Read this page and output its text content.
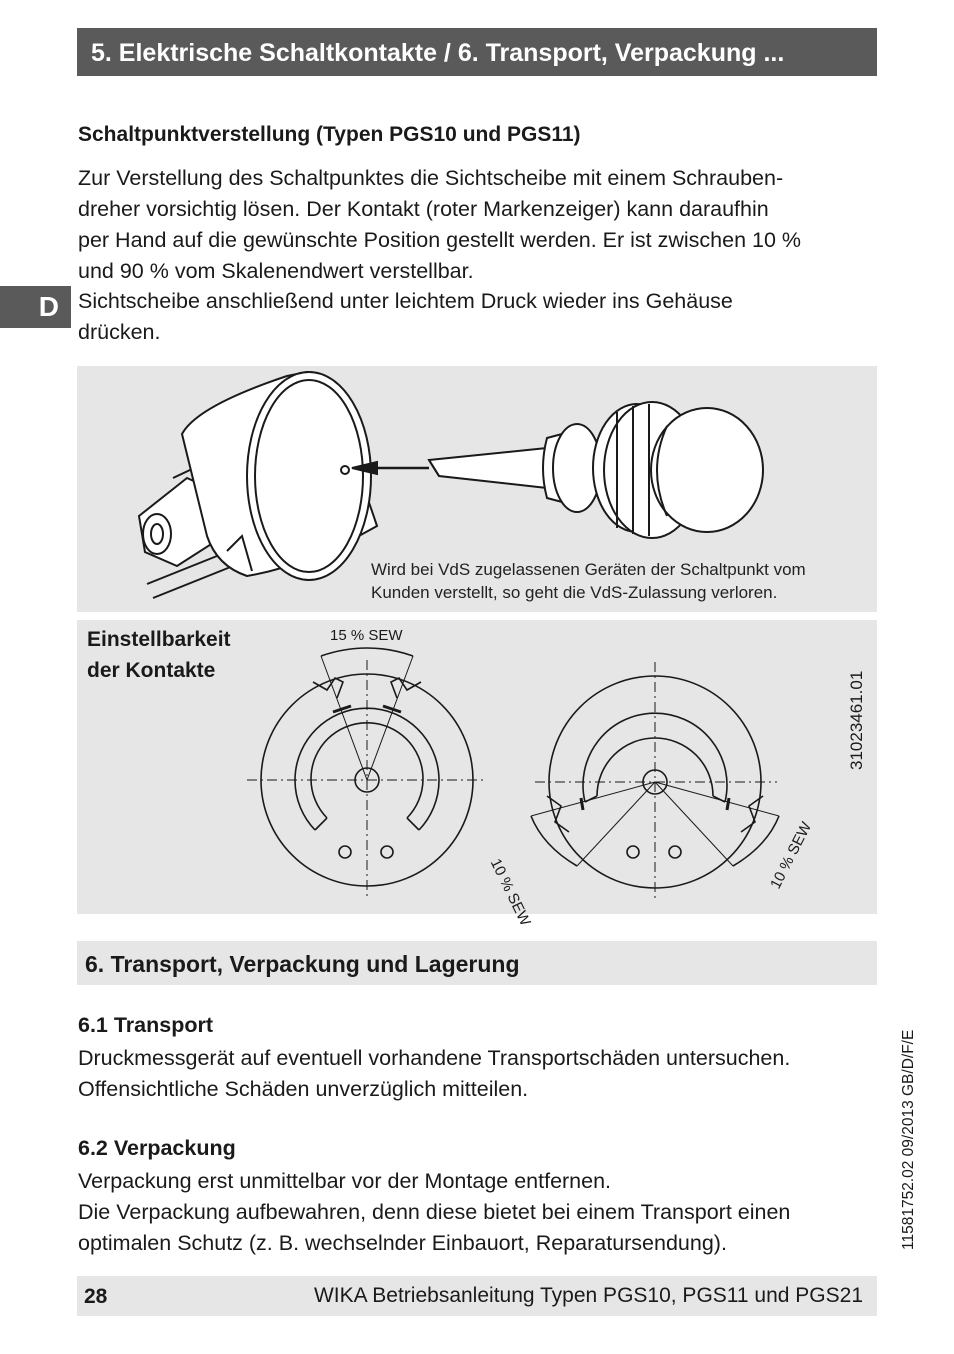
5. Elektrische Schaltkontakte / 6. Transport, Verpackung ...
D
Schaltpunktverstellung (Typen PGS10 und PGS11)
Zur Verstellung des Schaltpunktes die Sichtscheibe mit einem Schrauben-
dreher vorsichtig lösen. Der Kontakt (roter Markenzeiger) kann daraufhin
per Hand auf die gewünschte Position gestellt werden. Er ist zwischen 10 %
und 90 % vom Skalenendwert verstellbar.
Sichtscheibe anschließend unter leichtem Druck wieder ins Gehäuse
drücken.
Wird bei VdS zugelassenen Geräten der Schaltpunkt vom
Kunden verstellt, so geht die VdS-Zulassung verloren.
Einstellbarkeit
der Kontakte
15 % SEW
10 % SEW
10 % SEW
31023461.01
6. Transport, Verpackung und Lagerung
6.1 Transport
Druckmessgerät auf eventuell vorhandene Transportschäden untersuchen.
Offensichtliche Schäden unverzüglich mitteilen.
6.2 Verpackung
Verpackung erst unmittelbar vor der Montage entfernen.
Die Verpackung aufbewahren, denn diese bietet bei einem Transport einen
optimalen Schutz (z. B. wechselnder Einbauort, Reparatursendung).	11581752.02 09/2013 GB/D/F/E
28	WIKA Betriebsanleitung Typen PGS10, PGS11 und PGS21
